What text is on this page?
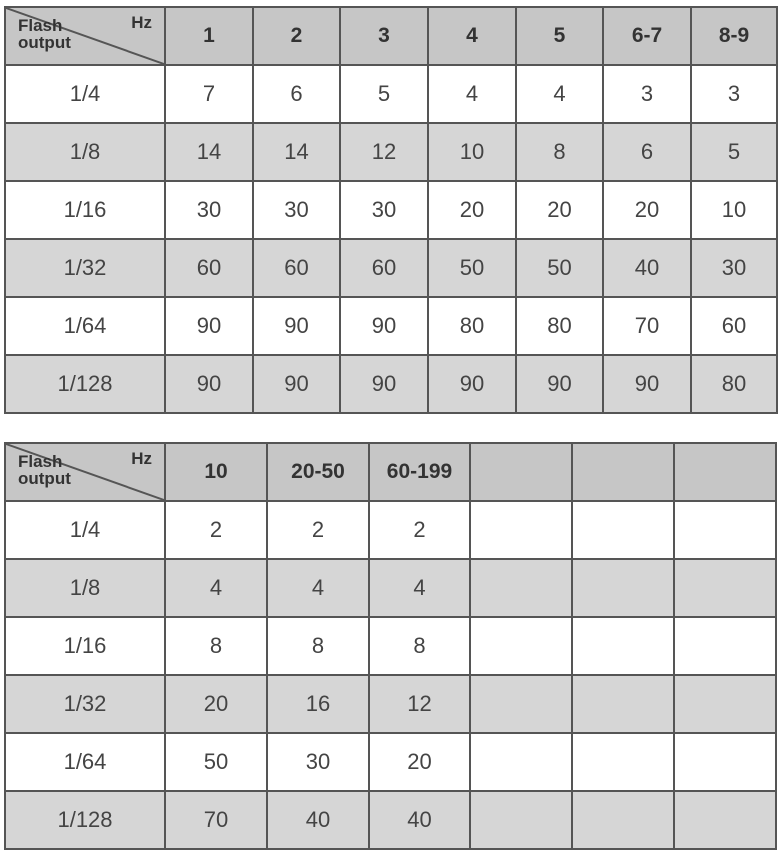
Hz
Flash
output	1	2	3	4	5	6-7	8-9
1/4	7	6	5	4	4	3	3
1/8	14	14	12	10	8	6	5
1/16	30	30	30	20	20	20	10
1/32	60	60	60	50	50	40	30
1/64	90	90	90	80	80	70	60
1/128	90	90	90	90	90	90	80
Hz
Flash
output	10	20-50	60-199			
1/4	2	2	2			
1/8	4	4	4			
1/16	8	8	8			
1/32	20	16	12			
1/64	50	30	20			
1/128	70	40	40			
